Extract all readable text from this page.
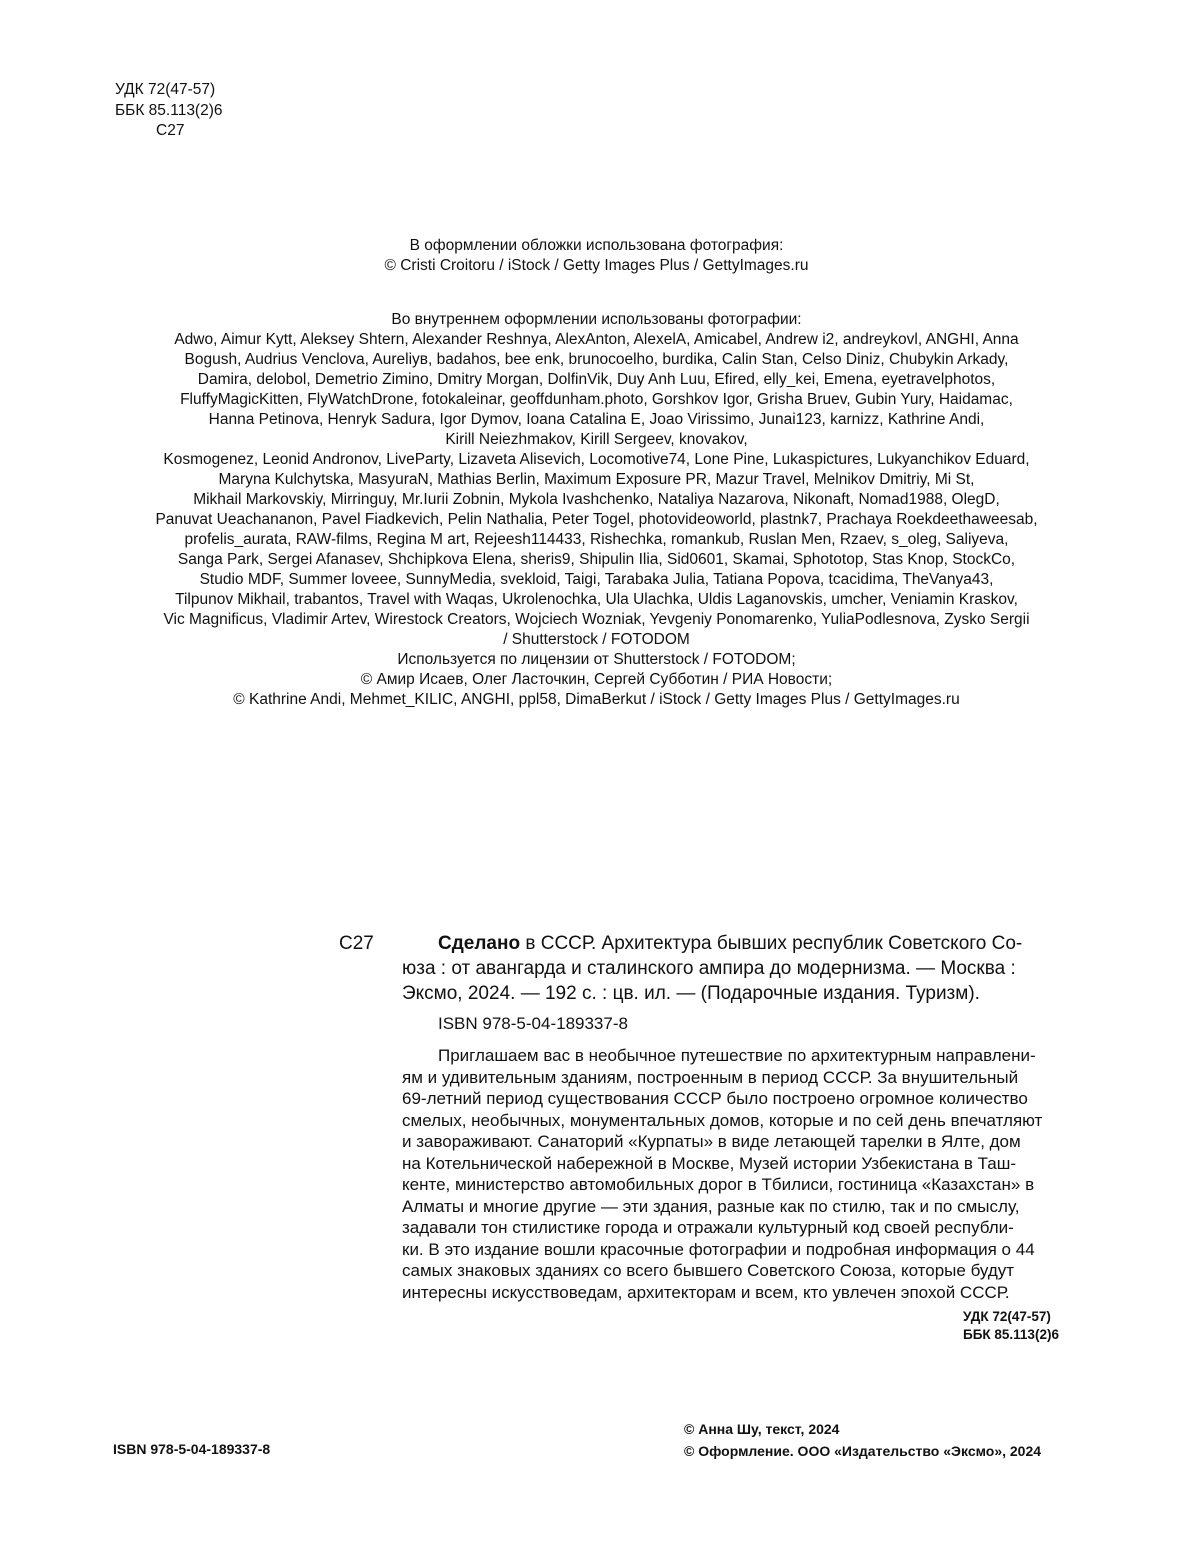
УДК 72(47-57)
ББК 85.113(2)6
С27
В оформлении обложки использована фотография:
© Cristi Croitoru / iStock / Getty Images Plus / GettyImages.ru
Во внутреннем оформлении использованы фотографии:
Adwo, Aimur Kytt, Aleksey Shtern, Alexander Reshnya, AlexAnton, AlexelA, Amicabel, Andrew i2, andreykovl, ANGHI, Anna
Bogush, Audrius Venclova, Aureliyв, badahos, bee enk, brunocoelho, burdika, Calin Stan, Celso Diniz, Chubykin Arkady,
Damira, delobol, Demetrio Zimino, Dmitry Morgan, DolfinVik, Duy Anh Luu, Efired, elly_kei, Emena, eyetravelphotos,
FluffyMagicKitten, FlyWatchDrone, fotokaleinar, geoffdunham.photo, Gorshkov Igor, Grisha Bruev, Gubin Yury, Haidamac,
Hanna Petinova, Henryk Sadura, Igor Dymov, Ioana Catalina E, Joao Virissimo, Junai123, karnizz, Kathrine Andi,
Kirill Neiezhmakov, Kirill Sergeev, knovakov,
Kosmogenez, Leonid Andronov, LiveParty, Lizaveta Alisevich, Locomotive74, Lone Pine, Lukaspictures, Lukyanchikov Eduard,
Maryna Kulchytska, MasyuraN, Mathias Berlin, Maximum Exposure PR, Mazur Travel, Melnikov Dmitriy, Mi St,
Mikhail Markovskiy, Mirringuy, Mr.Iurii Zobnin, Mykola Ivashchenko, Nataliya Nazarova, Nikonaft, Nomad1988, OlegD,
Panuvat Ueachananon, Pavel Fiadkevich, Pelin Nathalia, Peter Togel, photovideoworld, plastnk7, Prachaya Roekdeethaweesab,
profelis_aurata, RAW-films, Regina M art, Rejeesh114433, Rishechka, romankub, Ruslan Men, Rzaev, s_oleg, Saliyeva,
Sanga Park, Sergei Afanasev, Shchipkova Elena, sheris9, Shipulin Ilia, Sid0601, Skamai, Sphototop, Stas Knop, StockCo,
Studio MDF, Summer loveee, SunnyMedia, svekloid, Taigi, Tarabaka Julia, Tatiana Popova, tcacidima, TheVanya43,
Tilpunov Mikhail, trabantos, Travel with Waqas, Ukrolenochka, Ula Ulachka, Uldis Laganovskis, umcher, Veniamin Kraskov,
Vic Magnificus, Vladimir Artev, Wirestock Creators, Wojciech Wozniak, Yevgeniy Ponomarenko, YuliaPodlesnova, Zysko Sergii
/ Shutterstock / FOTODOM
Используется по лицензии от Shutterstock / FOTODOM;
© Амир Исаев, Олег Ласточкин, Сергей Субботин / РИА Новости;
© Kathrine Andi, Mehmet_KILIC, ANGHI, ppl58, DimaBerkut / iStock / Getty Images Plus / GettyImages.ru
С27	Сделано в СССР. Архитектура бывших республик Советского Со-
юза : от авангарда и сталинского ампира до модернизма. — Москва :
Эксмо, 2024. — 192 с. : цв. ил. — (Подарочные издания. Туризм).
ISBN 978-5-04-189337-8
Приглашаем вас в необычное путешествие по архитектурным направлени-
ям и удивительным зданиям, построенным в период СССР. За внушительный
69-летний период существования СССР было построено огромное количество
смелых, необычных, монументальных домов, которые и по сей день впечатляют
и завораживают. Санаторий «Курпаты» в виде летающей тарелки в Ялте, дом
на Котельнической набережной в Москве, Музей истории Узбекистана в Таш-
кенте, министерство автомобильных дорог в Тбилиси, гостиница «Казахстан» в
Алматы и многие другие — эти здания, разные как по стилю, так и по смыслу,
задавали тон стилистике города и отражали культурный код своей республи-
ки. В это издание вошли красочные фотографии и подробная информация о 44
самых знаковых зданиях со всего бывшего Советского Союза, которые будут
интересны искусствоведам, архитекторам и всем, кто увлечен эпохой СССР.
УДК 72(47-57)
ББК 85.113(2)6
ISBN 978-5-04-189337-8
© Анна Шу, текст, 2024
© Оформление. ООО «Издательство «Эксмо», 2024
